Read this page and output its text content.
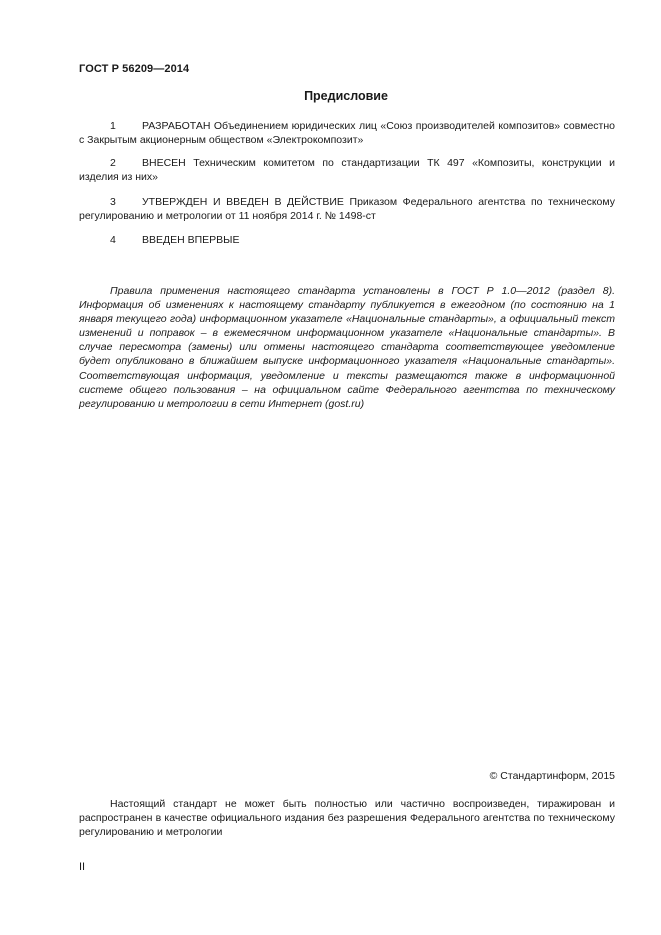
ГОСТ Р 56209—2014
Предисловие
1 РАЗРАБОТАН Объединением юридических лиц «Союз производителей композитов» совместно с Закрытым акционерным обществом «Электрокомпозит»
2 ВНЕСЕН Техническим комитетом по стандартизации ТК 497 «Композиты, конструкции и изделия из них»
3 УТВЕРЖДЕН И ВВЕДЕН В ДЕЙСТВИЕ Приказом Федерального агентства по техническому регулированию и метрологии от 11 ноября 2014 г. № 1498-ст
4 ВВЕДЕН ВПЕРВЫЕ
Правила применения настоящего стандарта установлены в ГОСТ Р 1.0—2012 (раздел 8). Информация об изменениях к настоящему стандарту публикуется в ежегодном (по состоянию на 1 января текущего года) информационном указателе «Национальные стандарты», а официальный текст изменений и поправок – в ежемесячном информационном указателе «Национальные стандарты». В случае пересмотра (замены) или отмены настоящего стандарта соответствующее уведомление будет опубликовано в ближайшем выпуске информационного указателя «Национальные стандарты». Соответствующая информация, уведомление и тексты размещаются также в информационной системе общего пользования – на официальном сайте Федерального агентства по техническому регулированию и метрологии в сети Интернет (gost.ru)
© Стандартинформ, 2015
Настоящий стандарт не может быть полностью или частично воспроизведен, тиражирован и распространен в качестве официального издания без разрешения Федерального агентства по техническому регулированию и метрологии
II
